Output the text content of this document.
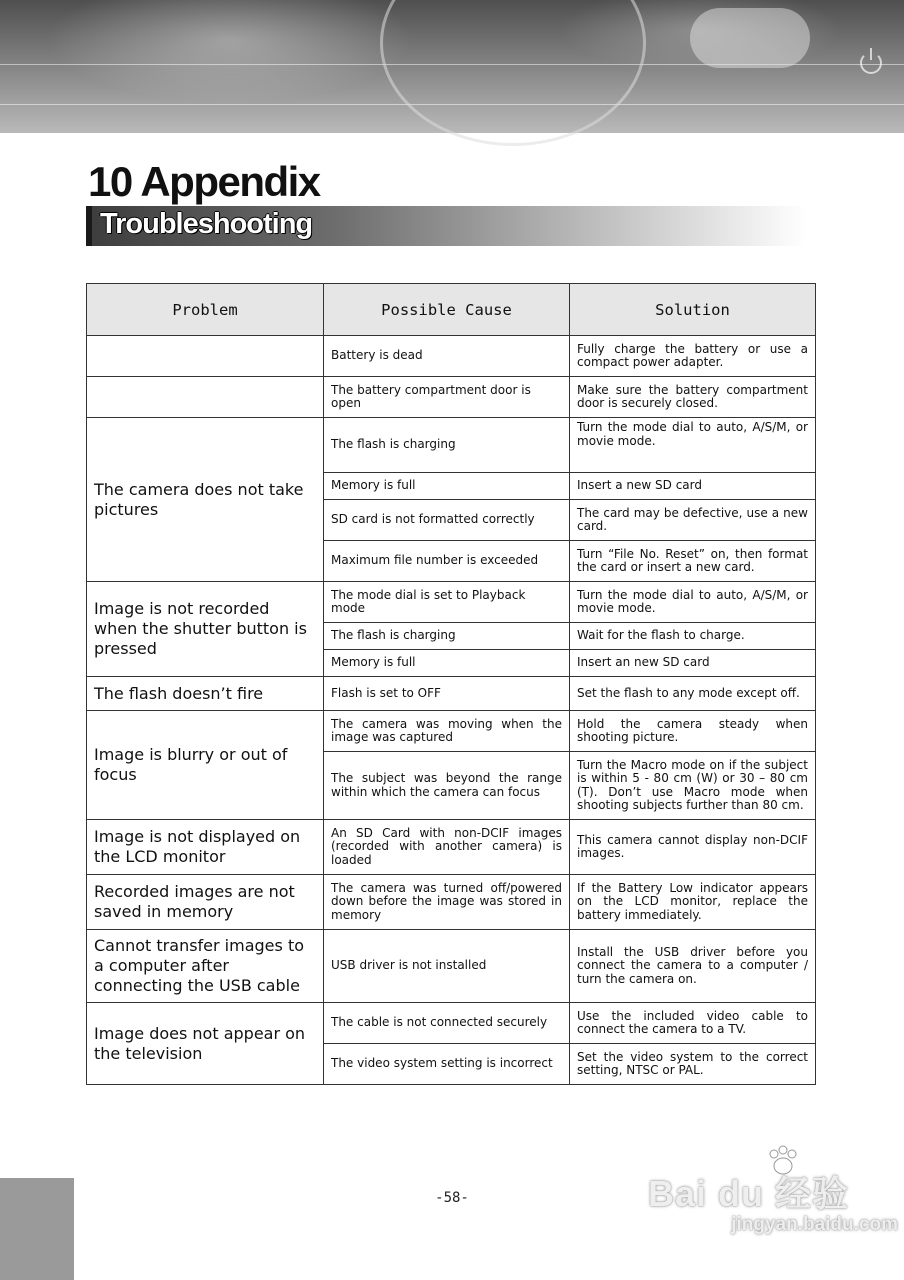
10 Appendix
Troubleshooting
Problem	Possible Cause	Solution
	Battery is dead	Fully charge the battery or use a compact power adapter.
	The battery compartment door is open	Make sure the battery compartment door is securely closed.
The camera does not take pictures	The flash is charging	Turn the mode dial to auto, A/S/M, or movie mode.
	Memory is full	Insert a new SD card
	SD card is not formatted correctly	The card may be defective, use a new card.
	Maximum file number is exceeded	Turn “File No. Reset” on, then format the card or insert a new card.
Image is not recorded when the shutter button is pressed	The mode dial is set to Playback mode	Turn the mode dial to auto, A/S/M, or movie mode.
	The flash is charging	Wait for the flash to charge.
	Memory is full	Insert an new SD card
The flash doesn’t fire	Flash is set to OFF	Set the flash to any mode except off.
Image is blurry or out of focus	The camera was moving when the image was captured	Hold the camera steady when shooting picture.
	The subject was beyond the range within which the camera can focus	Turn the Macro mode on if the subject is within 5 - 80 cm (W) or 30 – 80 cm (T). Don’t use Macro mode when shooting subjects further than 80 cm.
Image is not displayed on the LCD monitor	An SD Card with non-DCIF images (recorded with another camera) is loaded	This camera cannot display non-DCIF images.
Recorded images are not saved in memory	The camera was turned off/powered down before the image was stored in memory	If the Battery Low indicator appears on the LCD monitor, replace the battery immediately.
Cannot transfer images to a computer after connecting the USB cable	USB driver is not installed	Install the USB driver before you connect the camera to a computer / turn the camera on.
Image does not appear on the television	The cable is not connected securely	Use the included video cable to connect the camera to a TV.
	The video system setting is incorrect	Set the video system to the correct setting, NTSC or PAL.
-58-	Bai du 经验
jingyan.baidu.com
